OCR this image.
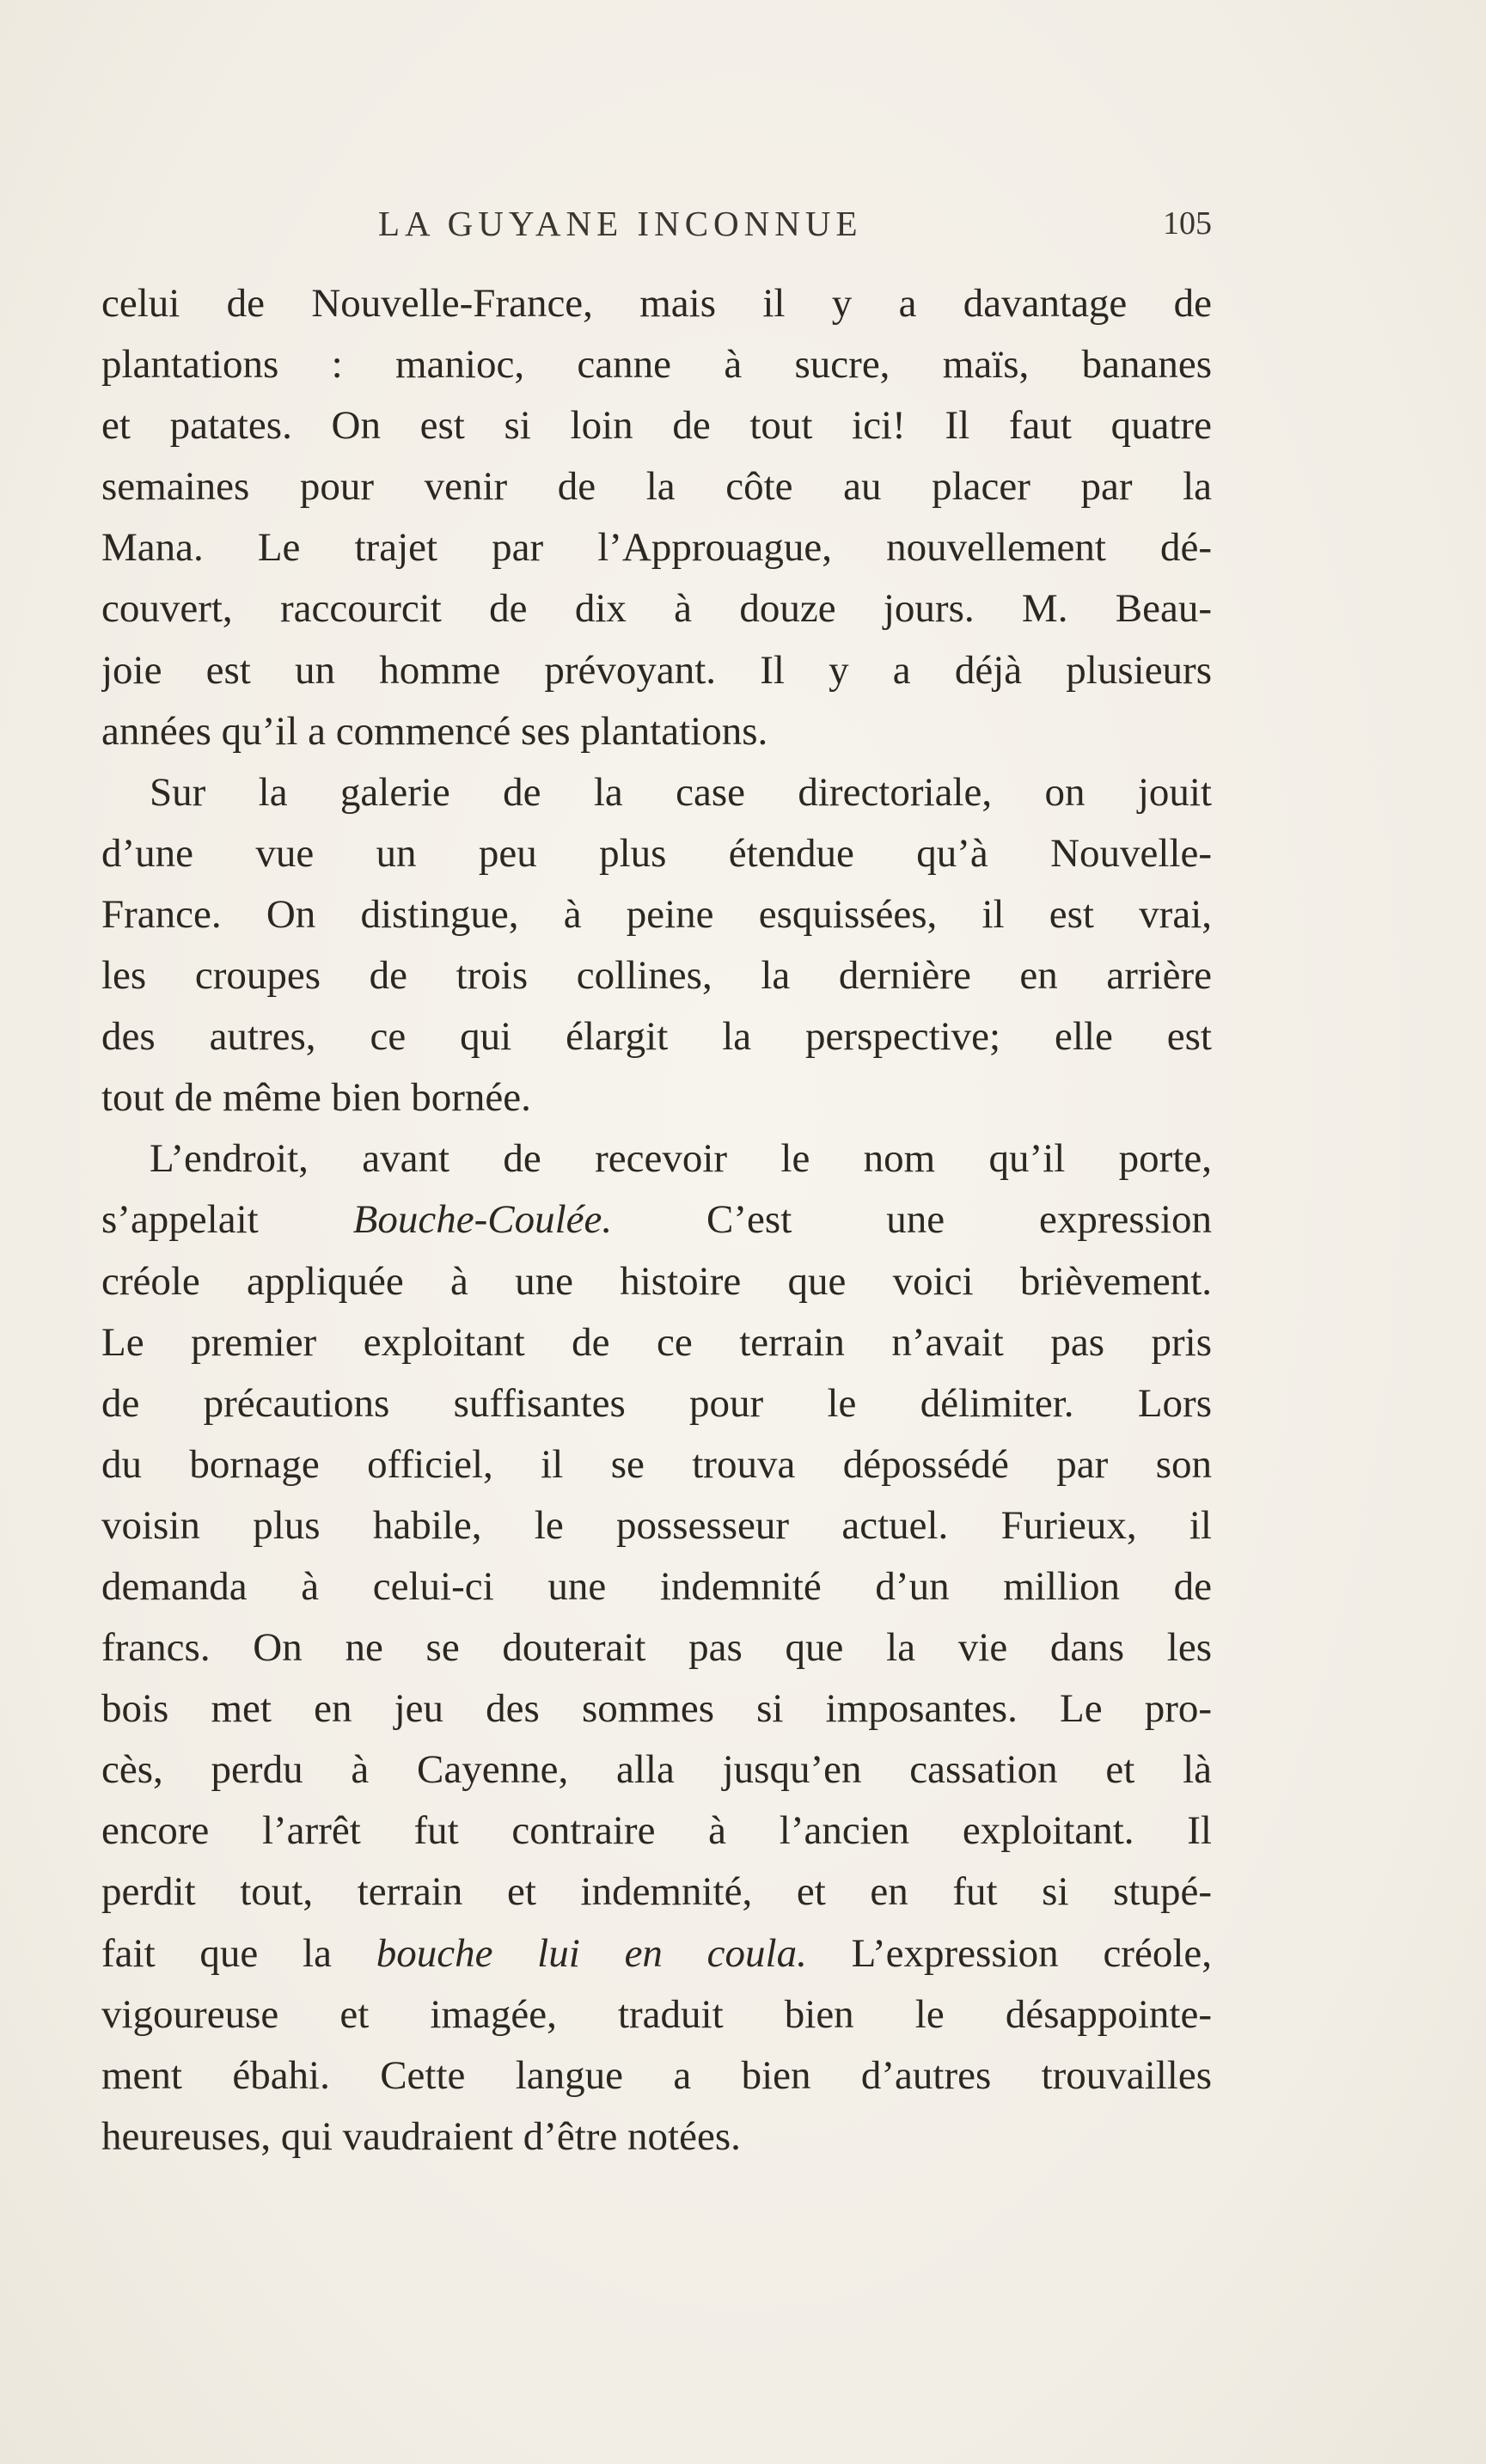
LA GUYANE INCONNUE	105
celui de Nouvelle-France, mais il y a davantage de
plantations : manioc, canne à sucre, maïs, bananes
et patates. On est si loin de tout ici! Il faut quatre
semaines pour venir de la côte au placer par la
Mana. Le trajet par l’Approuague, nouvellement dé-
couvert, raccourcit de dix à douze jours. M. Beau-
joie est un homme prévoyant. Il y a déjà plusieurs
années qu’il a commencé ses plantations.
Sur la galerie de la case directoriale, on jouit
d’une vue un peu plus étendue qu’à Nouvelle-
France. On distingue, à peine esquissées, il est vrai,
les croupes de trois collines, la dernière en arrière
des autres, ce qui élargit la perspective; elle est
tout de même bien bornée.
L’endroit, avant de recevoir le nom qu’il porte,
s’appelait Bouche-Coulée. C’est une expression
créole appliquée à une histoire que voici brièvement.
Le premier exploitant de ce terrain n’avait pas pris
de précautions suffisantes pour le délimiter. Lors
du bornage officiel, il se trouva dépossédé par son
voisin plus habile, le possesseur actuel. Furieux, il
demanda à celui-ci une indemnité d’un million de
francs. On ne se douterait pas que la vie dans les
bois met en jeu des sommes si imposantes. Le pro-
cès, perdu à Cayenne, alla jusqu’en cassation et là
encore l’arrêt fut contraire à l’ancien exploitant. Il
perdit tout, terrain et indemnité, et en fut si stupé-
fait que la bouche lui en coula. L’expression créole,
vigoureuse et imagée, traduit bien le désappointe-
ment ébahi. Cette langue a bien d’autres trouvailles
heureuses, qui vaudraient d’être notées.
